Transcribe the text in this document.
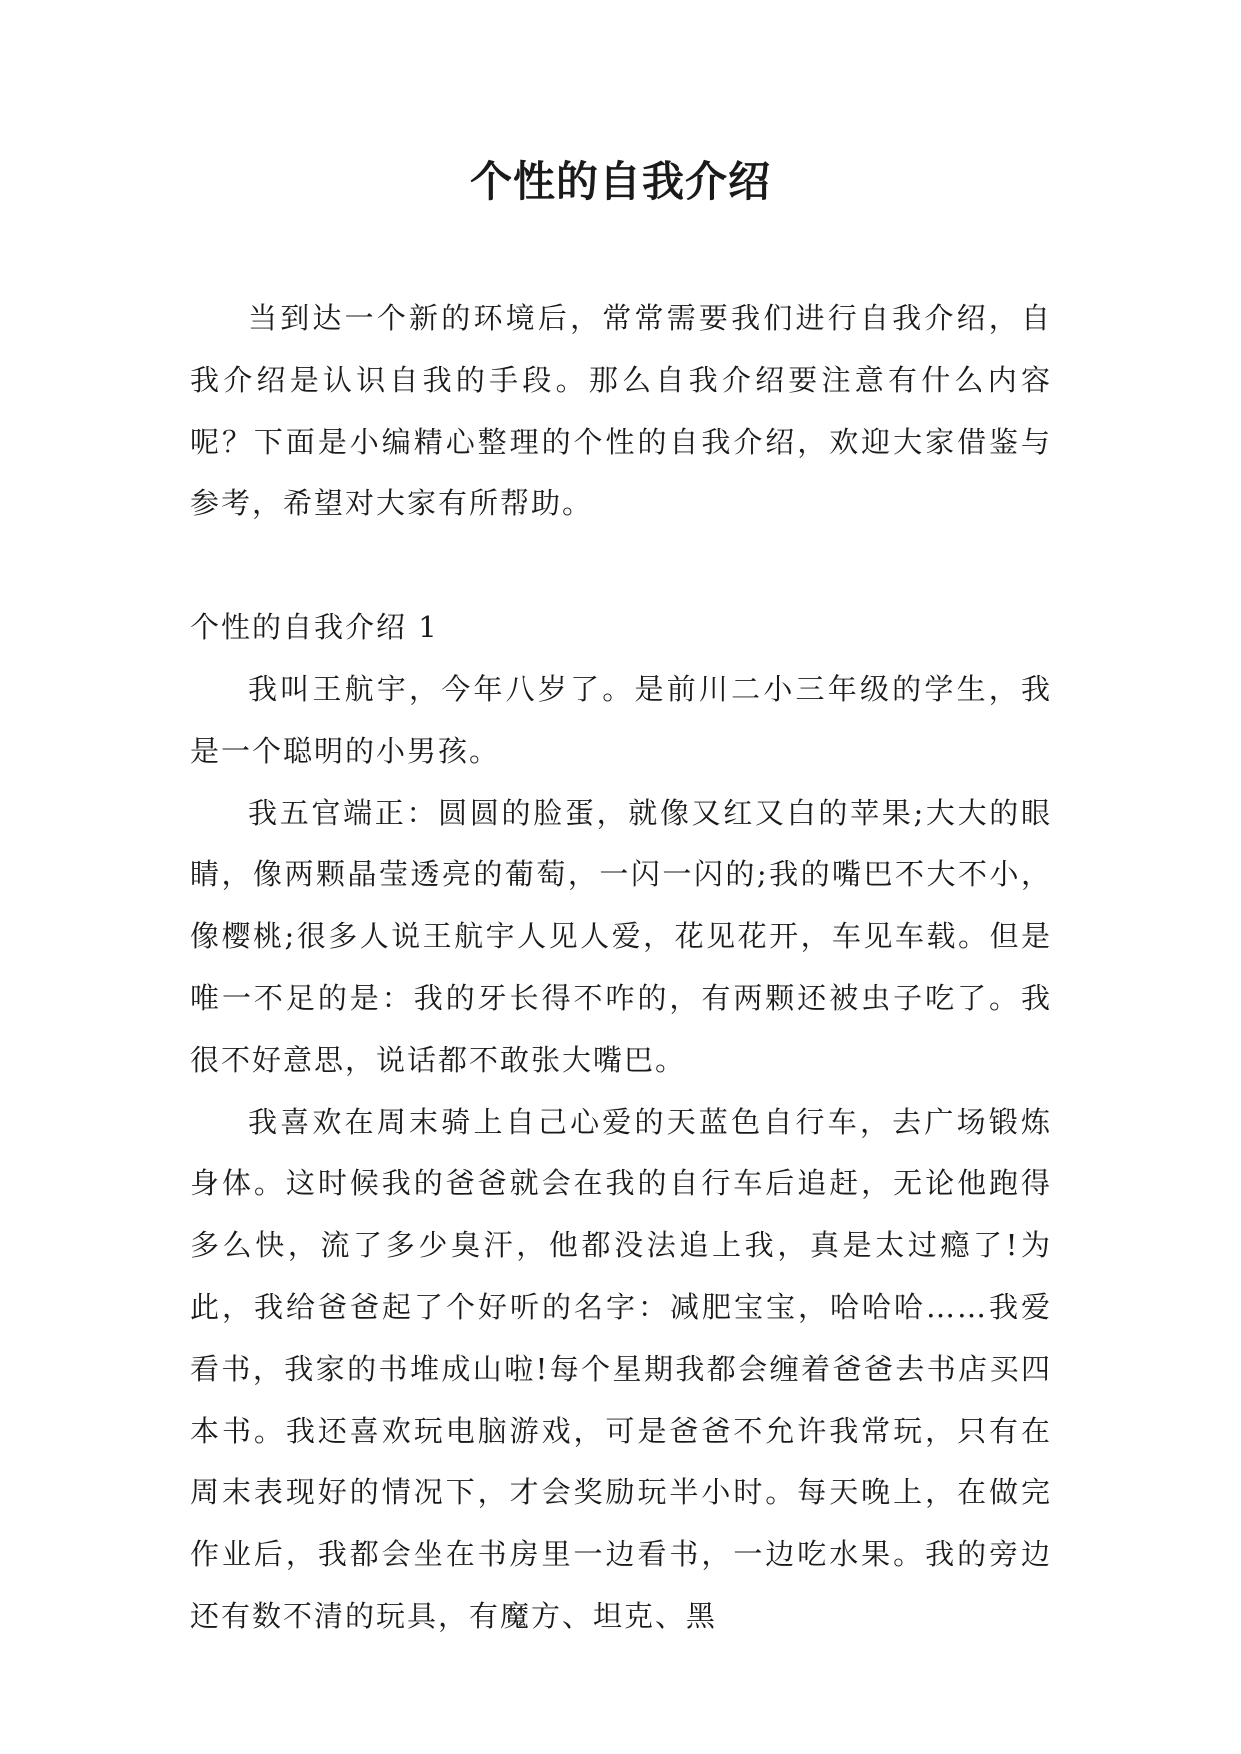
个性的自我介绍

当到达一个新的环境后，常常需要我们进行自我介绍，自我介绍是认识自我的手段。那么自我介绍要注意有什么内容呢？下面是小编精心整理的个性的自我介绍，欢迎大家借鉴与参考，希望对大家有所帮助。

个性的自我介绍 1

我叫王航宇，今年八岁了。是前川二小三年级的学生，我是一个聪明的小男孩。

我五官端正：圆圆的脸蛋，就像又红又白的苹果;大大的眼睛，像两颗晶莹透亮的葡萄，一闪一闪的;我的嘴巴不大不小，像樱桃;很多人说王航宇人见人爱，花见花开，车见车载。但是唯一不足的是：我的牙长得不咋的，有两颗还被虫子吃了。我很不好意思，说话都不敢张大嘴巴。

我喜欢在周末骑上自己心爱的天蓝色自行车，去广场锻炼身体。这时候我的爸爸就会在我的自行车后追赶，无论他跑得多么快，流了多少臭汗，他都没法追上我，真是太过瘾了!为此，我给爸爸起了个好听的名字：减肥宝宝，哈哈哈……我爱看书，我家的书堆成山啦!每个星期我都会缠着爸爸去书店买四本书。我还喜欢玩电脑游戏，可是爸爸不允许我常玩，只有在周末表现好的情况下，才会奖励玩半小时。每天晚上，在做完作业后，我都会坐在书房里一边看书，一边吃水果。我的旁边还有数不清的玩具，有魔方、坦克、黑
